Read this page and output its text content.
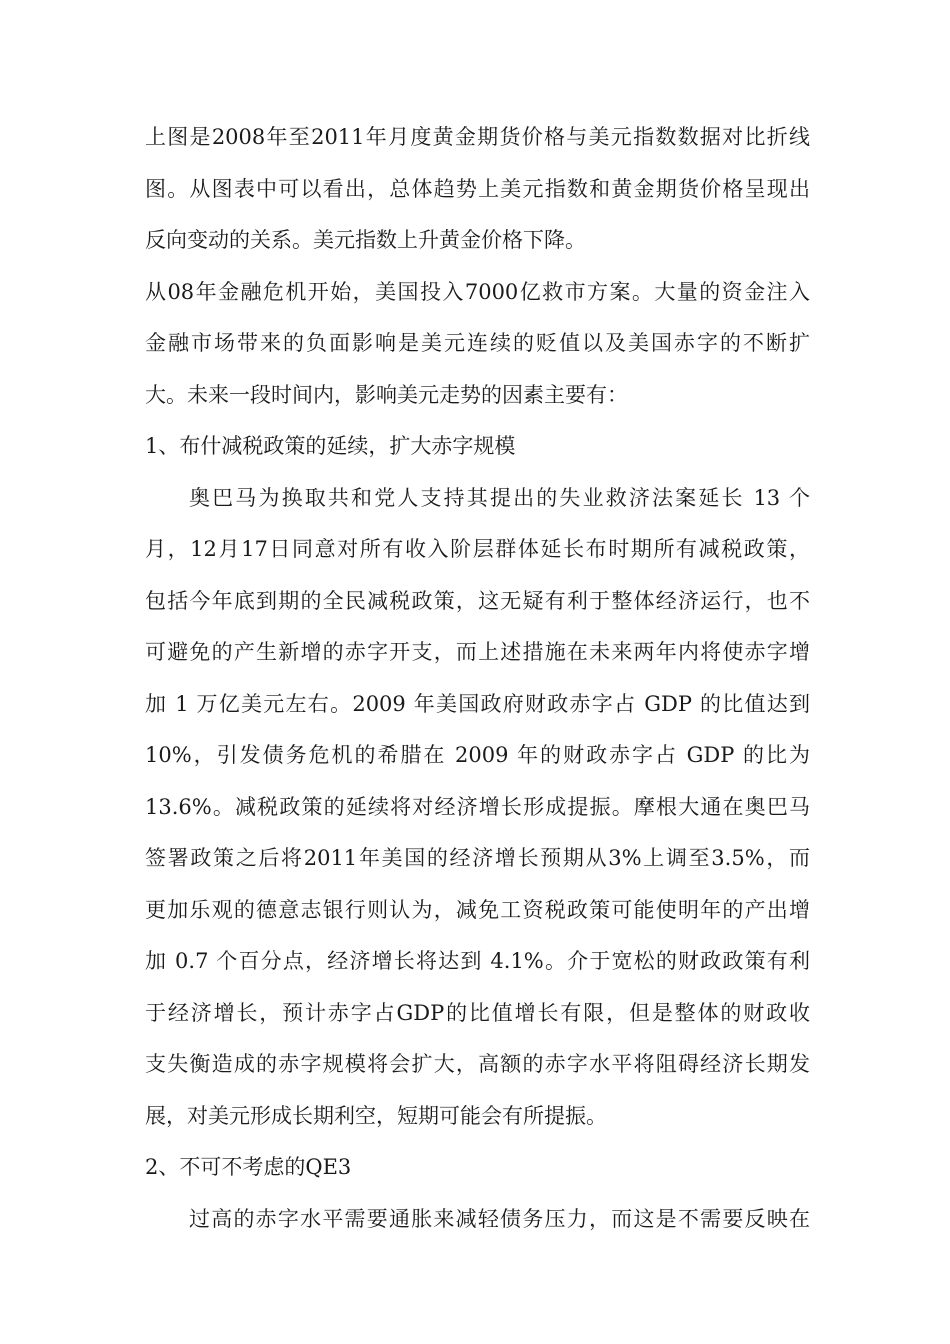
上图是2008年至2011年月度黄金期货价格与美元指数数据对比折线
图。从图表中可以看出，总体趋势上美元指数和黄金期货价格呈现出
反向变动的关系。美元指数上升黄金价格下降。
从08年金融危机开始，美国投入7000亿救市方案。大量的资金注入
金融市场带来的负面影响是美元连续的贬值以及美国赤字的不断扩
大。未来一段时间内，影响美元走势的因素主要有：
1、布什减税政策的延续，扩大赤字规模
奥巴马为换取共和党人支持其提出的失业救济法案延长 13 个
月，12月17日同意对所有收入阶层群体延长布时期所有减税政策，
包括今年底到期的全民减税政策，这无疑有利于整体经济运行，也不
可避免的产生新增的赤字开支，而上述措施在未来两年内将使赤字增
加 1 万亿美元左右。2009 年美国政府财政赤字占 GDP 的比值达到
10%，引发债务危机的希腊在 2009 年的财政赤字占 GDP 的比为
13.6%。减税政策的延续将对经济增长形成提振。摩根大通在奥巴马
签署政策之后将2011年美国的经济增长预期从3%上调至3.5%，而
更加乐观的德意志银行则认为，减免工资税政策可能使明年的产出增
加 0.7 个百分点，经济增长将达到 4.1%。介于宽松的财政政策有利
于经济增长，预计赤字占GDP的比值增长有限，但是整体的财政收
支失衡造成的赤字规模将会扩大，高额的赤字水平将阻碍经济长期发
展，对美元形成长期利空，短期可能会有所提振。
2、不可不考虑的QE3
过高的赤字水平需要通胀来减轻债务压力，而这是不需要反映在
